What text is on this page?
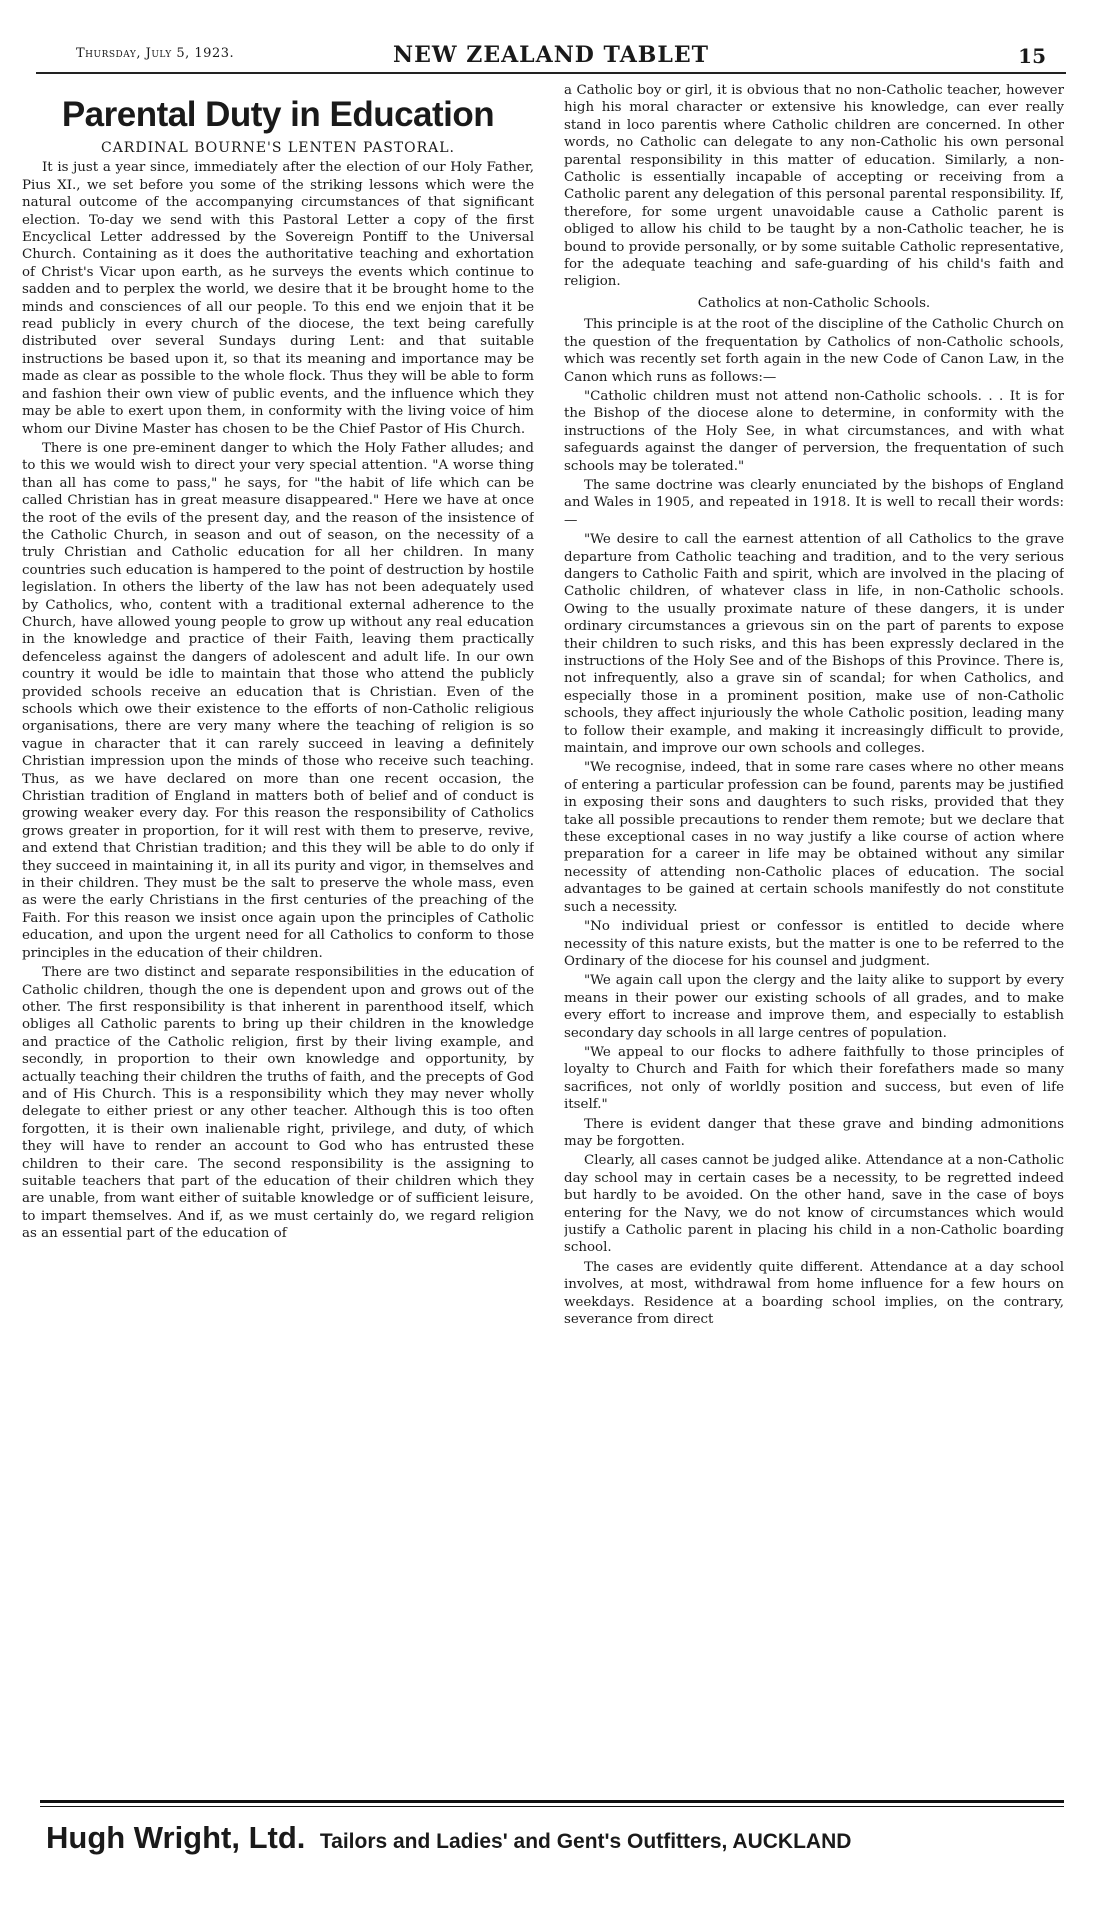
Thursday, July 5, 1923.	NEW ZEALAND TABLET	15
Parental Duty in Education
CARDINAL BOURNE'S LENTEN PASTORAL.

It is just a year since, immediately after the election of our Holy Father, Pius XI., we set before you some of the striking lessons which were the natural outcome of the accompanying circumstances of that significant election. To-day we send with this Pastoral Letter a copy of the first Encyclical Letter addressed by the Sovereign Pontiff to the Universal Church. Containing as it does the authoritative teaching and exhortation of Christ's Vicar upon earth, as he surveys the events which continue to sadden and to perplex the world, we desire that it be brought home to the minds and consciences of all our people. To this end we enjoin that it be read publicly in every church of the diocese, the text being carefully distributed over several Sundays during Lent: and that suitable instructions be based upon it, so that its meaning and importance may be made as clear as possible to the whole flock. Thus they will be able to form and fashion their own view of public events, and the influence which they may be able to exert upon them, in conformity with the living voice of him whom our Divine Master has chosen to be the Chief Pastor of His Church.

There is one pre-eminent danger to which the Holy Father alludes; and to this we would wish to direct your very special attention. "A worse thing than all has come to pass," he says, for "the habit of life which can be called Christian has in great measure disappeared." Here we have at once the root of the evils of the present day, and the reason of the insistence of the Catholic Church, in season and out of season, on the necessity of a truly Christian and Catholic education for all her children. In many countries such education is hampered to the point of destruction by hostile legislation. In others the liberty of the law has not been adequately used by Catholics, who, content with a traditional external adherence to the Church, have allowed young people to grow up without any real education in the knowledge and practice of their Faith, leaving them practically defenceless against the dangers of adolescent and adult life. In our own country it would be idle to maintain that those who attend the publicly provided schools receive an education that is Christian. Even of the schools which owe their existence to the efforts of non-Catholic religious organisations, there are very many where the teaching of religion is so vague in character that it can rarely succeed in leaving a definitely Christian impression upon the minds of those who receive such teaching. Thus, as we have declared on more than one recent occasion, the Christian tradition of England in matters both of belief and of conduct is growing weaker every day. For this reason the responsibility of Catholics grows greater in proportion, for it will rest with them to preserve, revive, and extend that Christian tradition; and this they will be able to do only if they succeed in maintaining it, in all its purity and vigor, in themselves and in their children. They must be the salt to preserve the whole mass, even as were the early Christians in the first centuries of the preaching of the Faith. For this reason we insist once again upon the principles of Catholic education, and upon the urgent need for all Catholics to conform to those principles in the education of their children.

There are two distinct and separate responsibilities in the education of Catholic children, though the one is dependent upon and grows out of the other. The first responsibility is that inherent in parenthood itself, which obliges all Catholic parents to bring up their children in the knowledge and practice of the Catholic religion, first by their living example, and secondly, in proportion to their own knowledge and opportunity, by actually teaching their children the truths of faith, and the precepts of God and of His Church. This is a responsibility which they may never wholly delegate to either priest or any other teacher. Although this is too often forgotten, it is their own inalienable right, privilege, and duty, of which they will have to render an account to God who has entrusted these children to their care. The second responsibility is the assigning to suitable teachers that part of the education of their children which they are unable, from want either of suitable knowledge or of sufficient leisure, to impart themselves. And if, as we must certainly do, we regard religion as an essential part of the education of

a Catholic boy or girl, it is obvious that no non-Catholic teacher, however high his moral character or extensive his knowledge, can ever really stand in loco parentis where Catholic children are concerned. In other words, no Catholic can delegate to any non-Catholic his own personal parental responsibility in this matter of education. Similarly, a non-Catholic is essentially incapable of accepting or receiving from a Catholic parent any delegation of this personal parental responsibility. If, therefore, for some urgent unavoidable cause a Catholic parent is obliged to allow his child to be taught by a non-Catholic teacher, he is bound to provide personally, or by some suitable Catholic representative, for the adequate teaching and safe-guarding of his child's faith and religion.

Catholics at non-Catholic Schools.

This principle is at the root of the discipline of the Catholic Church on the question of the frequentation by Catholics of non-Catholic schools, which was recently set forth again in the new Code of Canon Law, in the Canon which runs as follows:—

"Catholic children must not attend non-Catholic schools. . . It is for the Bishop of the diocese alone to determine, in conformity with the instructions of the Holy See, in what circumstances, and with what safeguards against the danger of perversion, the frequentation of such schools may be tolerated."

The same doctrine was clearly enunciated by the bishops of England and Wales in 1905, and repeated in 1918. It is well to recall their words:—

"We desire to call the earnest attention of all Catholics to the grave departure from Catholic teaching and tradition, and to the very serious dangers to Catholic Faith and spirit, which are involved in the placing of Catholic children, of whatever class in life, in non-Catholic schools. Owing to the usually proximate nature of these dangers, it is under ordinary circumstances a grievous sin on the part of parents to expose their children to such risks, and this has been expressly declared in the instructions of the Holy See and of the Bishops of this Province. There is, not infrequently, also a grave sin of scandal; for when Catholics, and especially those in a prominent position, make use of non-Catholic schools, they affect injuriously the whole Catholic position, leading many to follow their example, and making it increasingly difficult to provide, maintain, and improve our own schools and colleges.

"We recognise, indeed, that in some rare cases where no other means of entering a particular profession can be found, parents may be justified in exposing their sons and daughters to such risks, provided that they take all possible precautions to render them remote; but we declare that these exceptional cases in no way justify a like course of action where preparation for a career in life may be obtained without any similar necessity of attending non-Catholic places of education. The social advantages to be gained at certain schools manifestly do not constitute such a necessity.

"No individual priest or confessor is entitled to decide where necessity of this nature exists, but the matter is one to be referred to the Ordinary of the diocese for his counsel and judgment.

"We again call upon the clergy and the laity alike to support by every means in their power our existing schools of all grades, and to make every effort to increase and improve them, and especially to establish secondary day schools in all large centres of population.

"We appeal to our flocks to adhere faithfully to those principles of loyalty to Church and Faith for which their forefathers made so many sacrifices, not only of worldly position and success, but even of life itself."

There is evident danger that these grave and binding admonitions may be forgotten.

Clearly, all cases cannot be judged alike. Attendance at a non-Catholic day school may in certain cases be a necessity, to be regretted indeed but hardly to be avoided. On the other hand, save in the case of boys entering for the Navy, we do not know of circumstances which would justify a Catholic parent in placing his child in a non-Catholic boarding school.

The cases are evidently quite different. Attendance at a day school involves, at most, withdrawal from home influence for a few hours on weekdays. Residence at a boarding school implies, on the contrary, severance from direct

Hugh Wright, Ltd. Tailors and Ladies' and Gent's Outfitters, AUCKLAND
